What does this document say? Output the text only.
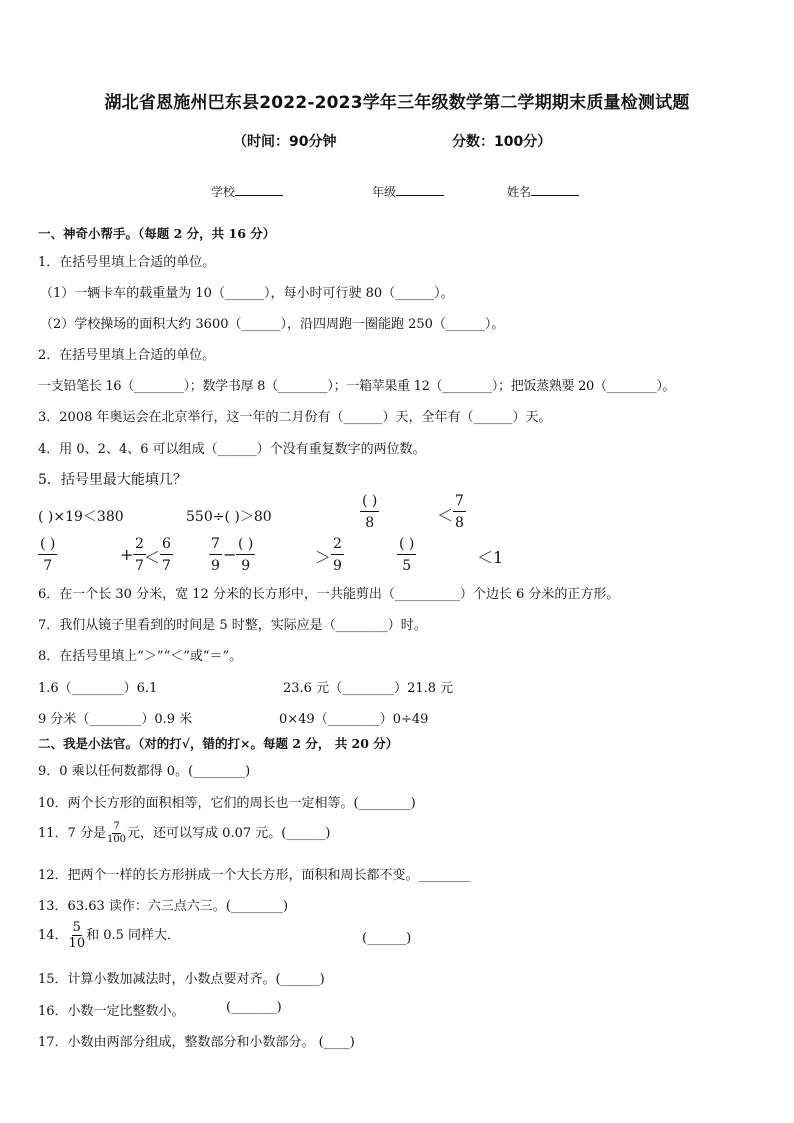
湖北省恩施州巴东县2022-2023学年三年级数学第二学期期末质量检测试题
（时间：90分钟	分数：100分）
学校	年级	姓名
一、神奇小帮手。（每题 2 分，共 16 分）
1．在括号里填上合适的单位。
（1）一辆卡车的载重量为 10（______），每小时可行驶 80（______）。
（2）学校操场的面积大约 3600（______），沿四周跑一圈能跑 250（______）。
2．在括号里填上合适的单位。
一支铅笔长 16（________）；数学书厚 8（________）；一箱苹果重 12（________）；把饭蒸熟要 20（________）。
3．2008 年奥运会在北京举行，这一年的二月份有（______）天，全年有（______）天。
4．用 0、2、4、6 可以组成（______）个没有重复数字的两位数。
5．括号里最大能填几？
( )×19＜380	550÷( )＞80
( )
8	＜
7
8
( )
7
+
2
7 ＜
6
7
7
9
−
( )
9	＞
2
9
( )
5	＜1
6．在一个长 30 分米，宽 12 分米的长方形中，一共能剪出（__________）个边长 6 分米的正方形。
7．我们从镜子里看到的时间是 5 时整，实际应是（________）时。
8．在括号里填上“＞”“＜”或“＝”。
1.6（________）6.1	23.6 元（________）21.8 元
9 分米（________）0.9 米	0×49（________）0÷49
二、我是小法官。（对的打√，错的打×。每题 2 分， 共 20 分）
9．0 乘以任何数都得 0。(________)
10．两个长方形的面积相等，它们的周长也一定相等。(________)
11．7 分是 $\frac{7}{100}$ 元，还可以写成 0.07 元。(______)
12．把两个一样的长方形拼成一个大长方形，面积和周长都不变。________
13．63.63 读作：六三点六三。(________)
14． $\frac{5}{10}$ 和 0.5 同样大．	(______)
15．计算小数加减法时，小数点要对齐。(______)
16．小数一定比整数小。	(_______)
17．小数由两部分组成，整数部分和小数部分。 (____)
